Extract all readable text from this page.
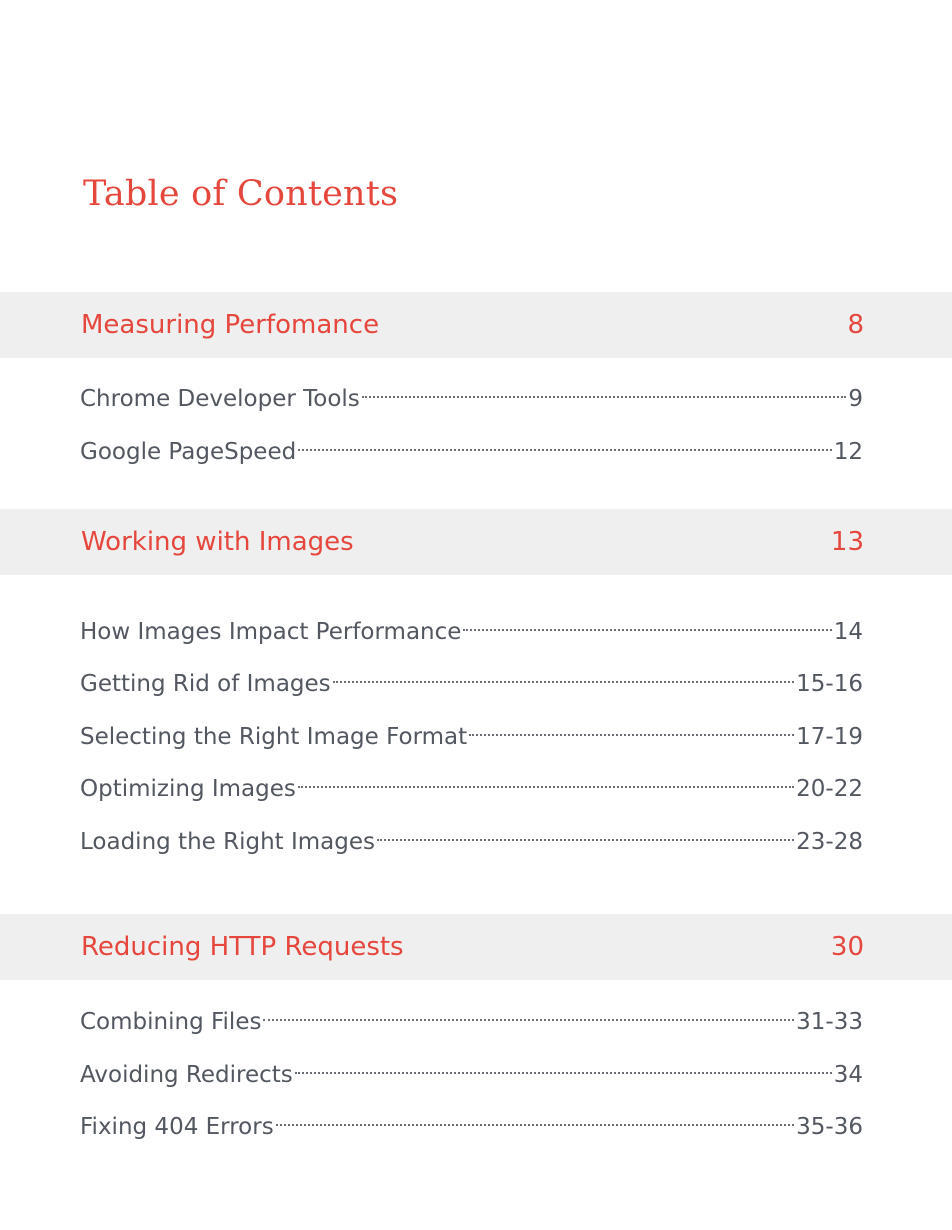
Table of Contents
Measuring Perfomance	8
Chrome Developer Tools	9
Google PageSpeed	12
Working with Images	13
How Images Impact Performance	14
Getting Rid of Images	15-16
Selecting the Right Image Format	17-19
Optimizing Images	20-22
Loading the Right Images	23-28
Reducing HTTP Requests	30
Combining Files	31-33
Avoiding Redirects	34
Fixing 404 Errors	35-36
